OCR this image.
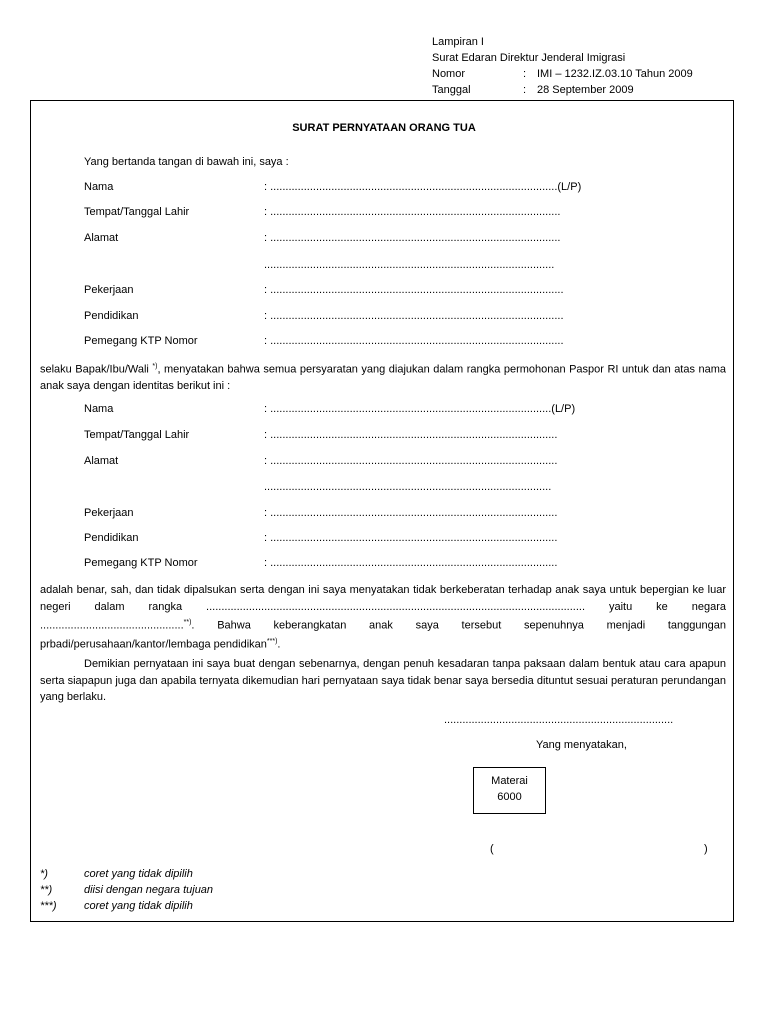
Lampiran I
Surat Edaran Direktur Jenderal Imigrasi
Nomor	: IMI – 1232.IZ.03.10 Tahun 2009
Tanggal	: 28 September 2009
SURAT PERNYATAAN ORANG TUA
Yang bertanda tangan di bawah ini, saya :
Nama	: ..............................................................................................(L/P)
Tempat/Tanggal Lahir	: ...............................................................................................
Alamat	: ...............................................................................................
...............................................................................................
Pekerjaan	: ................................................................................................
Pendidikan	: ................................................................................................
Pemegang KTP Nomor	: ................................................................................................
selaku Bapak/Ibu/Wali *), menyatakan bahwa semua persyaratan yang diajukan dalam rangka permohonan Paspor RI untuk dan atas nama anak saya dengan identitas berikut ini :
Nama	: ............................................................................................(L/P)
Tempat/Tanggal Lahir	: ..............................................................................................
Alamat	: ..............................................................................................
..............................................................................................
Pekerjaan	: ..............................................................................................
Pendidikan	: ..............................................................................................
Pemegang KTP Nomor	: ..............................................................................................
adalah benar, sah, dan tidak dipalsukan serta dengan ini saya menyatakan tidak berkeberatan terhadap anak saya untuk bepergian ke luar negeri dalam rangka ............................................................................................................................ yaitu ke negara ...............................................**). Bahwa keberangkatan anak saya tersebut sepenuhnya menjadi tanggungan prbadi/perusahaan/kantor/lembaga pendidikan***).
Demikian pernyataan ini saya buat dengan sebenarnya, dengan penuh kesadaran tanpa paksaan dalam bentuk atau cara apapun serta siapapun juga dan apabila ternyata dikemudian hari pernyataan saya tidak benar saya bersedia dituntut sesuai peraturan perundangan yang berlaku.
...........................................................................
Yang menyatakan,
Materai
6000
(	)
*)	coret yang tidak dipilih
**)	diisi dengan negara tujuan
***) coret yang tidak dipilih
